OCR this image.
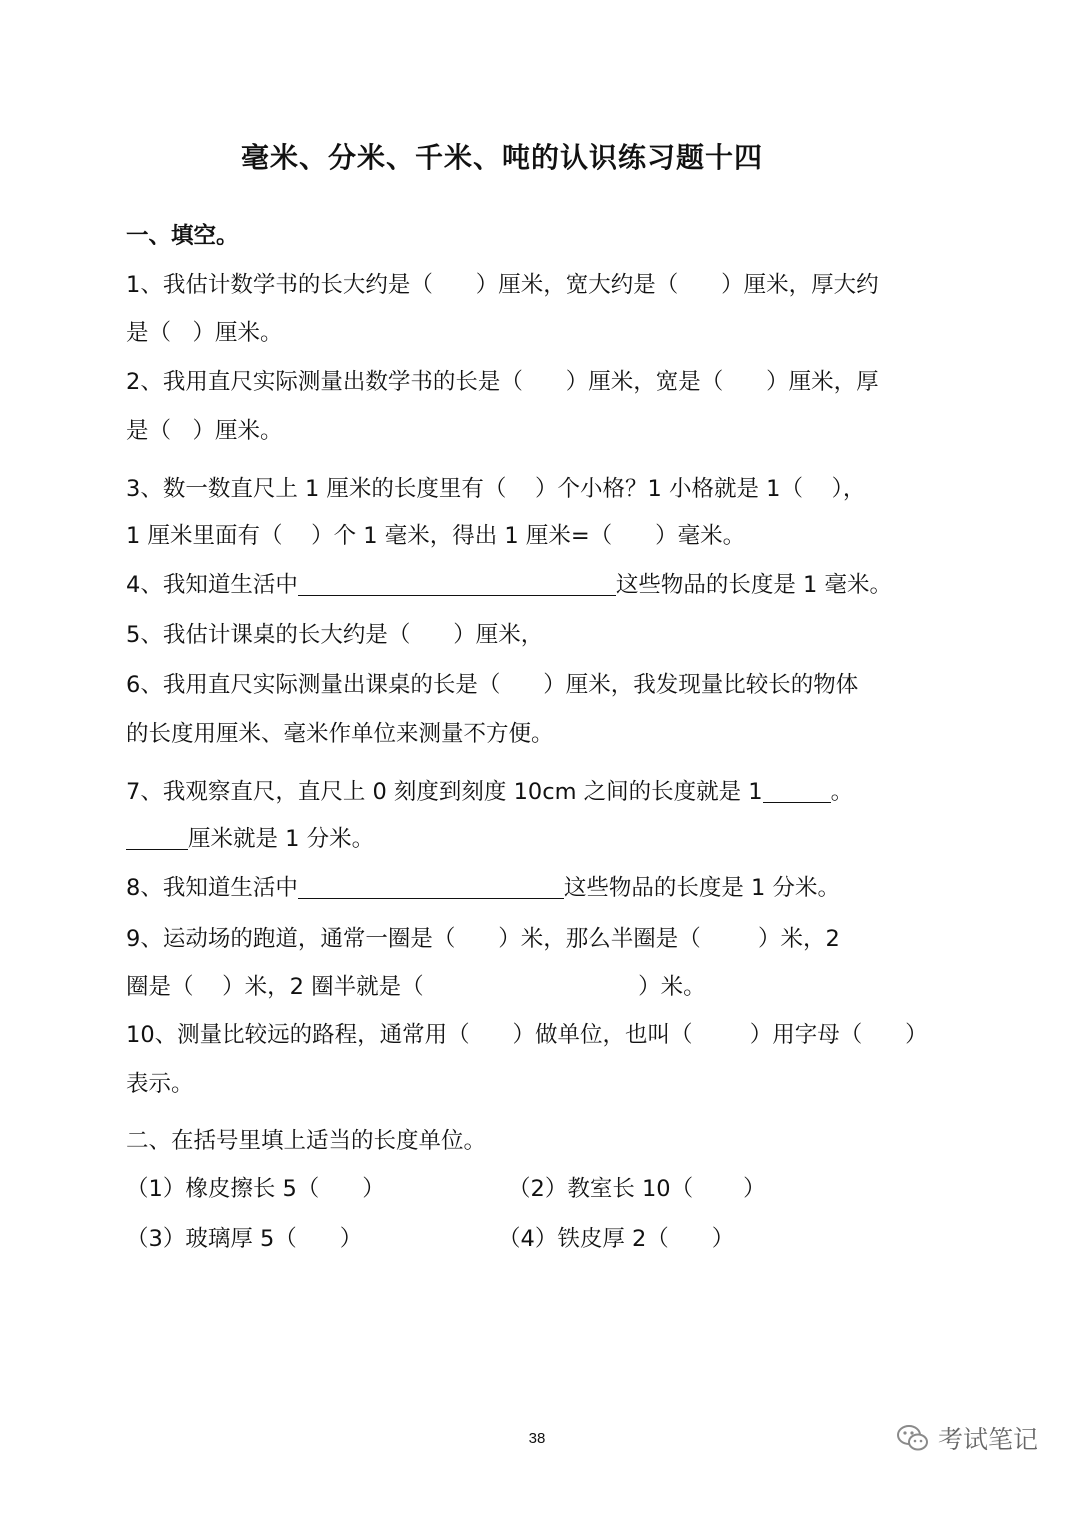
毫米、分米、千米、吨的认识练习题十四

一、填空。

1、我估计数学书的长大约是（      ）厘米，宽大约是（      ）厘米，厚大约

是（   ）厘米。

2、我用直尺实际测量出数学书的长是（      ）厘米，宽是（      ）厘米，厚

是（   ）厘米。

3、数一数直尺上 1 厘米的长度里有（    ）个小格？1 小格就是 1（    ），

1 厘米里面有（    ）个 1 毫米，得出 1 厘米=（      ）毫米。

4、我知道生活中	这些物品的长度是 1 毫米。

5、我估计课桌的长大约是（      ）厘米，

6、我用直尺实际测量出课桌的长是（      ）厘米，我发现量比较长的物体

的长度用厘米、毫米作单位来测量不方便。

7、我观察直尺，直尺上 0 刻度到刻度 10cm 之间的长度就是 1	。

厘米就是 1 分米。

8、我知道生活中	这些物品的长度是 1 分米。

9、运动场的跑道，通常一圈是（      ）米，那么半圈是（        ）米，2

圈是（    ）米，2 圈半就是（                              ）米。

10、测量比较远的路程，通常用（      ）做单位，也叫（        ）用字母（      ）

表示。

二、在括号里填上适当的长度单位。

（1）橡皮擦长 5（      ）	（2）教室长 10（       ）

（3）玻璃厚 5（      ）	（4）铁皮厚 2（      ）

38	考试笔记
